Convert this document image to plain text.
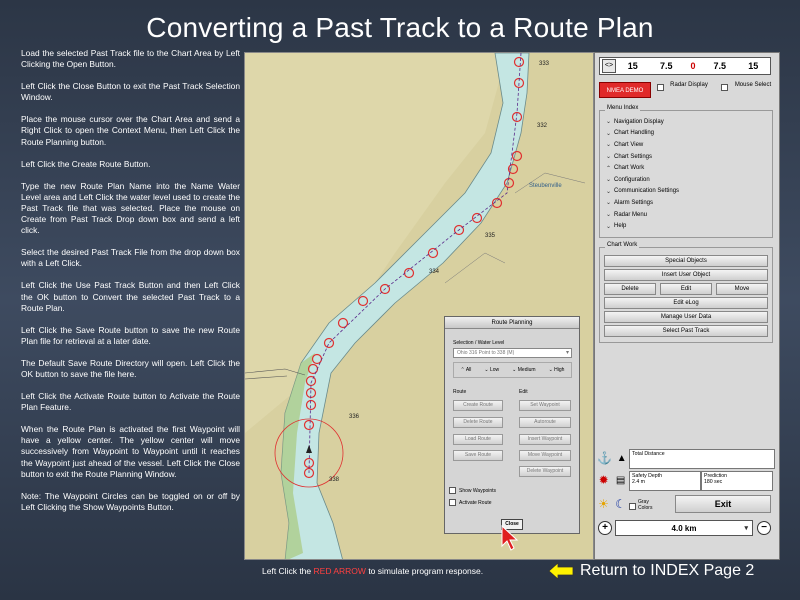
Converting a Past Track to a Route Plan

Load the selected Past Track file to the Chart Area by Left Clicking the Open Button.

Left Click the Close Button to exit the Past Track Selection Window.

Place the mouse cursor over the Chart Area and send a Right Click to open the Context Menu, then Left Click the Route Planning button.

Left Click the Create Route Button.

Type the new Route Plan Name into the Name Water Level area and Left Click the water level used to create the Past Track file that was selected. Place the mouse on Create from Past Track Drop down box and send a left click.

Select the desired Past Track File from the drop down box with a Left Click.

Left Click the Use Past Track Button and then Left Click the OK button to Convert the selected Past Track to a Route Plan.

Left Click the Save Route button to save the new Route Plan file for retrieval at a later date.

The Default Save Route Directory will open. Left Click the OK button to save the file here.

Left Click the Activate Route button to Activate the Route Plan Feature.

When the Route Plan is activated the first Waypoint will have a yellow center. The yellow center will move successively from Waypoint to Waypoint until it reaches the Waypoint just ahead of the vessel. Left Click the Close button to exit the Route Planning Window.

Note: The Waypoint Circles can be toggled on or off by Left Clicking the Show Waypoints Button.

333
332
Steubenville
335
334
336
338
<>	15	7.5	0	7.5	15
NMEA DEMO
Radar Display	Mouse Select
Menu Index
⌄ Navigation Display
⌄ Chart Handling
⌄ Chart View
⌄ Chart Settings
⌃ Chart Work
⌄ Configuration
⌄ Communication Settings
⌄ Alarm Settings
⌄ Radar Menu
⌄ Help
Chart Work
Special Objects
Insert User Object
Delete	Edit	Move
Edit eLog
Manage User Data
Select Past Track
⚓ ▲	Total Distance
✹ ▤ Safety Depth
2.4 m
Prediction
180 sec
☀ ☾ Gray
Colors	Exit
+	4.0 km	▾	−
Route Planning
Selection / Water Level
Ohio 316 Point to 338 (M)	▾
⌃ All	⌄ Low	⌄ Medium	⌄ High
Route	Edit
Create Route
Delete Route
Load Route
Save Route
Set Waypoint
Autoroute
Insert Waypoint
Move Waypoint
Delete Waypoint
Show Waypoints
Activate Route
Close
Left Click the RED ARROW to simulate program response.	Return to INDEX Page 2
